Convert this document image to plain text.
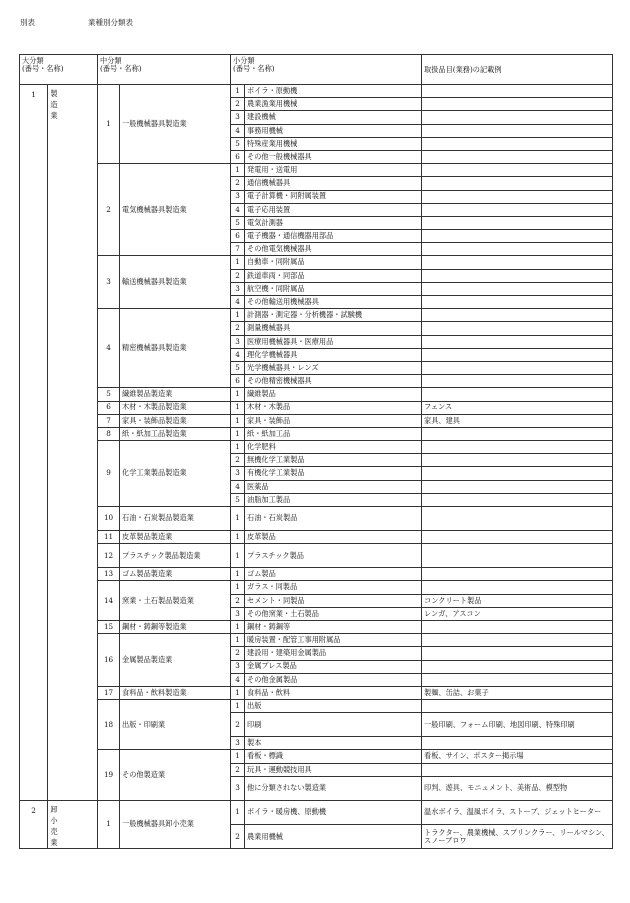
別表	業種別分類表
大分類
(番号・名称)		中分類
(番号・名称)		小分類
(番号・名称)		取扱品目(業務)の記載例
1	製造業	1	一般機械器具製造業	1	ボイラ・原動機	
				2	農業漁業用機械	
				3	建設機械	
				4	事務用機械	
				5	特殊産業用機械	
				6	その他一般機械器具	
		2	電気機械器具製造業	1	発電用・送電用	
				2	通信機械器具	
				3	電子計算機・同附属装置	
				4	電子応用装置	
				5	電気計測器	
				6	電子機器・通信機器用部品	
				7	その他電気機械器具	
		3	輸送機械器具製造業	1	自動車・同附属品	
				2	鉄道車両・同部品	
				3	航空機・同附属品	
				4	その他輸送用機械器具	
		4	精密機械器具製造業	1	計測器・測定器・分析機器・試験機	
				2	測量機械器具	
				3	医療用機械器具・医療用品	
				4	理化学機械器具	
				5	光学機械器具・レンズ	
				6	その他精密機械器具	
		5	繊維製品製造業	1	繊維製品	
		6	木材・木製品製造業	1	木材・木製品	フェンス
		7	家具・装飾品製造業	1	家具・装飾品	家具、建具
		8	紙・紙加工品製造業	1	紙・紙加工品	
		9	化学工業製品製造業	1	化学肥料	
				2	無機化学工業製品	
				3	有機化学工業製品	
				4	医薬品	
				5	油脂加工製品	
		10	石油・石炭製品製造業	1	石油・石炭製品	
		11	皮革製品製造業	1	皮革製品	
		12	プラスチック製品製造業	1	プラスチック製品	
		13	ゴム製品製造業	1	ゴム製品	
		14	窯業・土石製品製造業	1	ガラス・同製品	
				2	セメント・同製品	コンクリート製品
				3	その他窯業・土石製品	レンガ、アスコン
		15	鋼材・鋳鋼等製造業	1	鋼材・鋳鋼等	
		16	金属製品製造業	1	暖房装置・配管工事用附属品	
				2	建設用・建築用金属製品	
				3	金属プレス製品	
				4	その他金属製品	
		17	食料品・飲料製造業	1	食料品・飲料	製麺、缶詰、お菓子
		18	出版・印刷業	1	出版	
				2	印刷	一般印刷、フォーム印刷、地図印刷、特殊印刷
				3	製本	
		19	その他製造業	1	看板・標識	看板、サイン、ポスター掲示場
				2	玩具・運動競技用具	
				3	他に分類されない製造業	印判、遊具、モニュメント、美術品、模型物
2	卸小売業	1	一般機械器具卸小売業	1	ボイラ・暖房機、原動機	温水ボイラ、温風ボイラ、ストーブ、ジェットヒーター
				2	農業用機械	トラクター、農業機械、スプリンクラー、リールマシン、スノーブロワ
